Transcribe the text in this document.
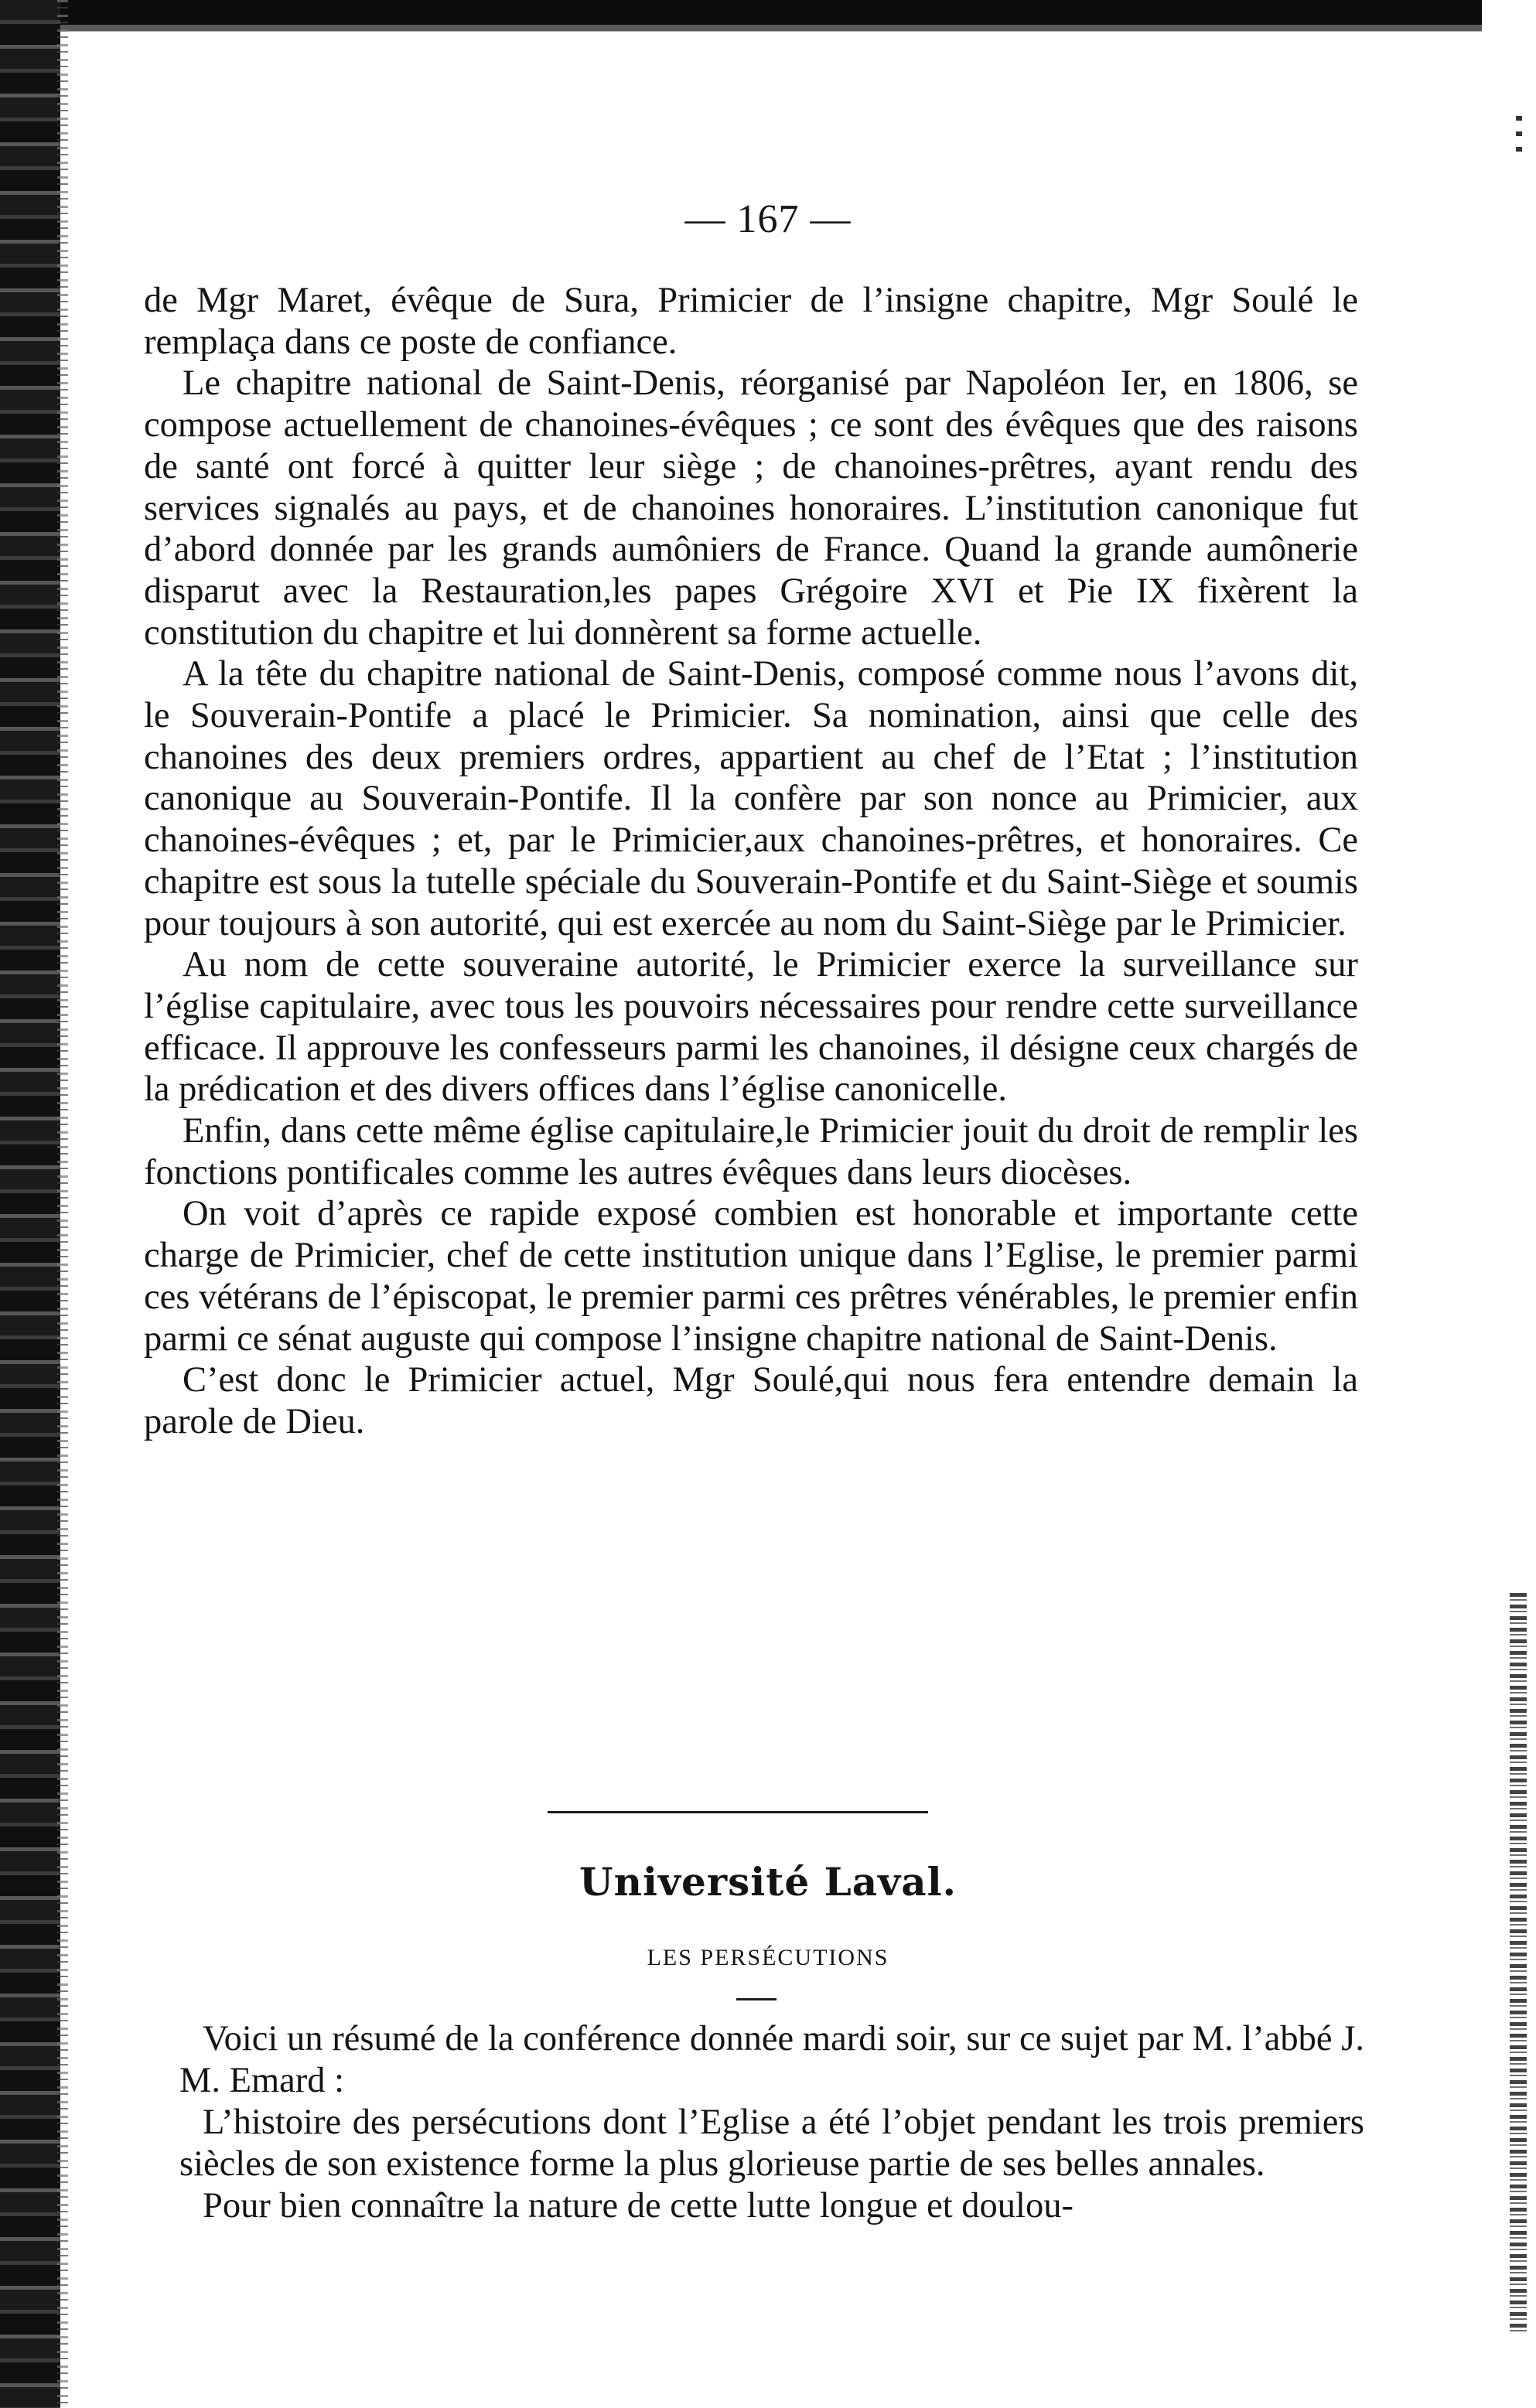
— 167 —

de Mgr Maret, évêque de Sura, Primicier de l’insigne chapitre, Mgr Soulé le remplaça dans ce poste de confiance.

Le chapitre national de Saint-Denis, réorganisé par Napoléon Ier, en 1806, se compose actuellement de chanoines-évêques ; ce sont des évêques que des raisons de santé ont forcé à quitter leur siège ; de chanoines-prêtres, ayant rendu des services signalés au pays, et de chanoines honoraires. L’institution canonique fut d’abord donnée par les grands aumôniers de France. Quand la grande aumônerie disparut avec la Restauration,les papes Grégoire XVI et Pie IX fixèrent la constitution du chapitre et lui donnèrent sa forme actuelle.

A la tête du chapitre national de Saint-Denis, composé comme nous l’avons dit, le Souverain-Pontife a placé le Primicier. Sa nomination, ainsi que celle des chanoines des deux premiers ordres, appartient au chef de l’Etat ; l’institution canonique au Souverain-Pontife. Il la confère par son nonce au Primicier, aux chanoines-évêques ; et, par le Primicier,aux chanoines-prêtres, et honoraires. Ce chapitre est sous la tutelle spéciale du Souverain-Pontife et du Saint-Siège et soumis pour toujours à son autorité, qui est exercée au nom du Saint-Siège par le Primicier.

Au nom de cette souveraine autorité, le Primicier exerce la surveillance sur l’église capitulaire, avec tous les pouvoirs nécessaires pour rendre cette surveillance efficace. Il approuve les confesseurs parmi les chanoines, il désigne ceux chargés de la prédication et des divers offices dans l’église canonicelle.

Enfin, dans cette même église capitulaire,le Primicier jouit du droit de remplir les fonctions pontificales comme les autres évêques dans leurs diocèses.

On voit d’après ce rapide exposé combien est honorable et importante cette charge de Primicier, chef de cette institution unique dans l’Eglise, le premier parmi ces vétérans de l’épiscopat, le premier parmi ces prêtres vénérables, le premier enfin parmi ce sénat auguste qui compose l’insigne chapitre national de Saint-Denis.

C’est donc le Primicier actuel, Mgr Soulé,qui nous fera entendre demain la parole de Dieu.

Université Laval.
LES PERSÉCUTIONS

Voici un résumé de la conférence donnée mardi soir, sur ce sujet par M. l’abbé J. M. Emard :

L’histoire des persécutions dont l’Eglise a été l’objet pendant les trois premiers siècles de son existence forme la plus glorieuse partie de ses belles annales.

Pour bien connaître la nature de cette lutte longue et doulou-
